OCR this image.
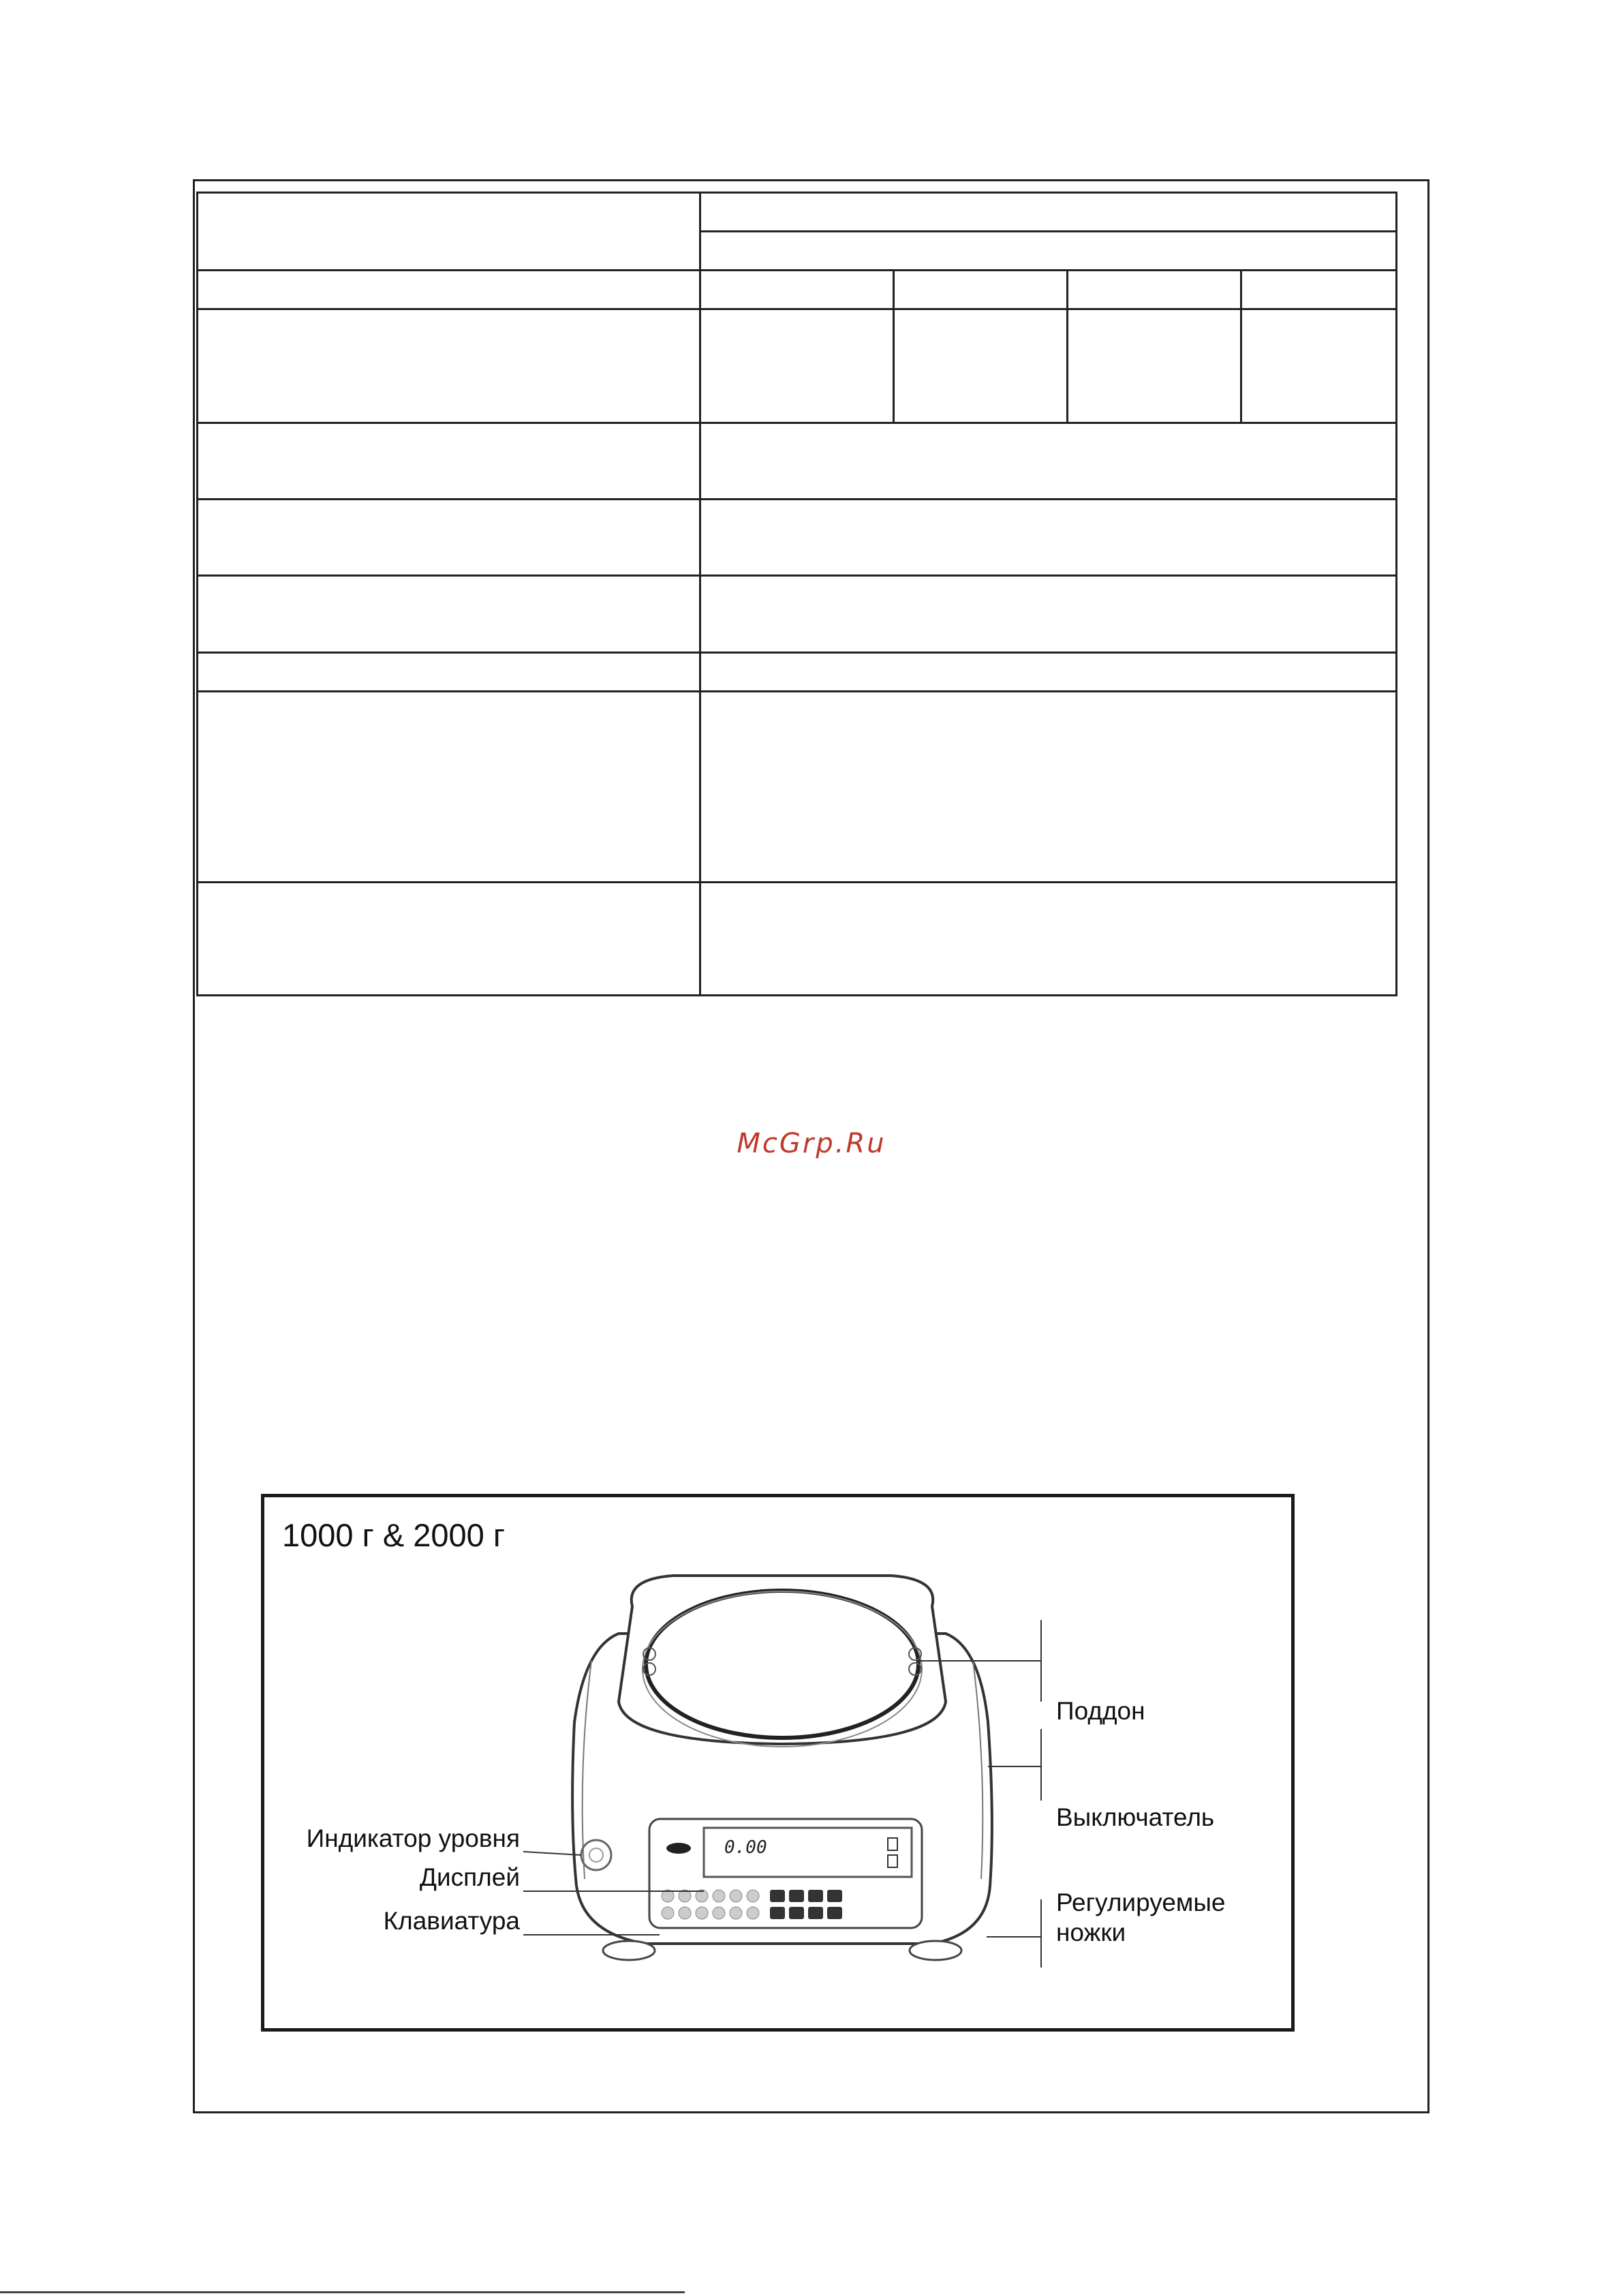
McGrp.Ru
1000 г & 2000 г
0.00
Поддон
Выключатель
Регулируемые ножки
Индикатор уровня
Дисплей
Клавиатура
